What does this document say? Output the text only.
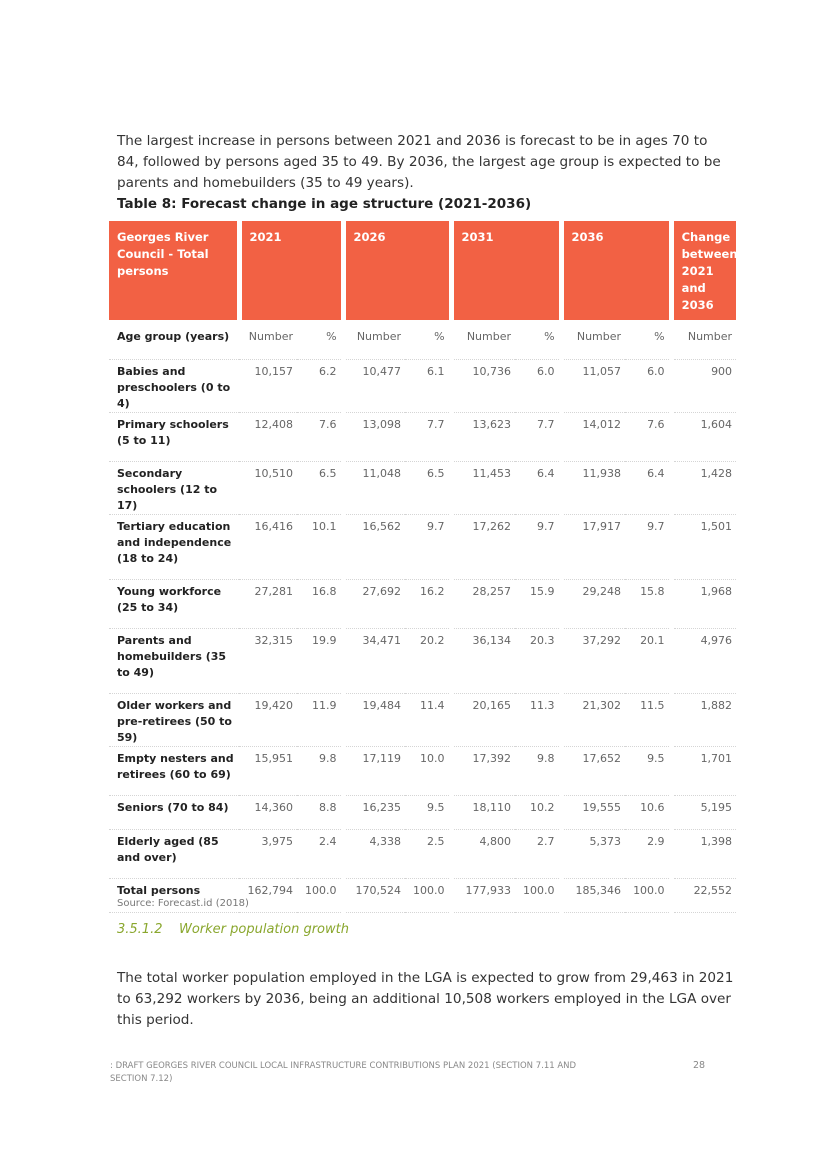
The largest increase in persons between 2021 and 2036 is forecast to be in ages 70 to 84, followed by persons aged 35 to 49. By 2036, the largest age group is expected to be parents and homebuilders (35 to 49 years).

Table 8: Forecast change in age structure (2021-2036)
Georges River Council - Total persons	2021		2026		2031		2036		Change between 2021 and 2036
Age group (years)	Number	%	Number	%	Number	%	Number	%	Number
Babies and preschoolers (0 to 4)	10,157	6.2	10,477	6.1	10,736	6.0	11,057	6.0	900
Primary schoolers (5 to 11)	12,408	7.6	13,098	7.7	13,623	7.7	14,012	7.6	1,604
Secondary schoolers (12 to 17)	10,510	6.5	11,048	6.5	11,453	6.4	11,938	6.4	1,428
Tertiary education and independence (18 to 24)	16,416	10.1	16,562	9.7	17,262	9.7	17,917	9.7	1,501
Young workforce (25 to 34)	27,281	16.8	27,692	16.2	28,257	15.9	29,248	15.8	1,968
Parents and homebuilders (35 to 49)	32,315	19.9	34,471	20.2	36,134	20.3	37,292	20.1	4,976
Older workers and pre-retirees (50 to 59)	19,420	11.9	19,484	11.4	20,165	11.3	21,302	11.5	1,882
Empty nesters and retirees (60 to 69)	15,951	9.8	17,119	10.0	17,392	9.8	17,652	9.5	1,701
Seniors (70 to 84)	14,360	8.8	16,235	9.5	18,110	10.2	19,555	10.6	5,195
Elderly aged (85 and over)	3,975	2.4	4,338	2.5	4,800	2.7	5,373	2.9	1,398
Total persons	162,794	100.0	170,524	100.0	177,933	100.0	185,346	100.0	22,552
Source: Forecast.id (2018)
3.5.1.2 Worker population growth

The total worker population employed in the LGA is expected to grow from 29,463 in 2021 to 63,292 workers by 2036, being an additional 10,508 workers employed in the LGA over this period.

: DRAFT GEORGES RIVER COUNCIL LOCAL INFRASTRUCTURE CONTRIBUTIONS PLAN 2021 (SECTION 7.11 AND SECTION 7.12)
28
